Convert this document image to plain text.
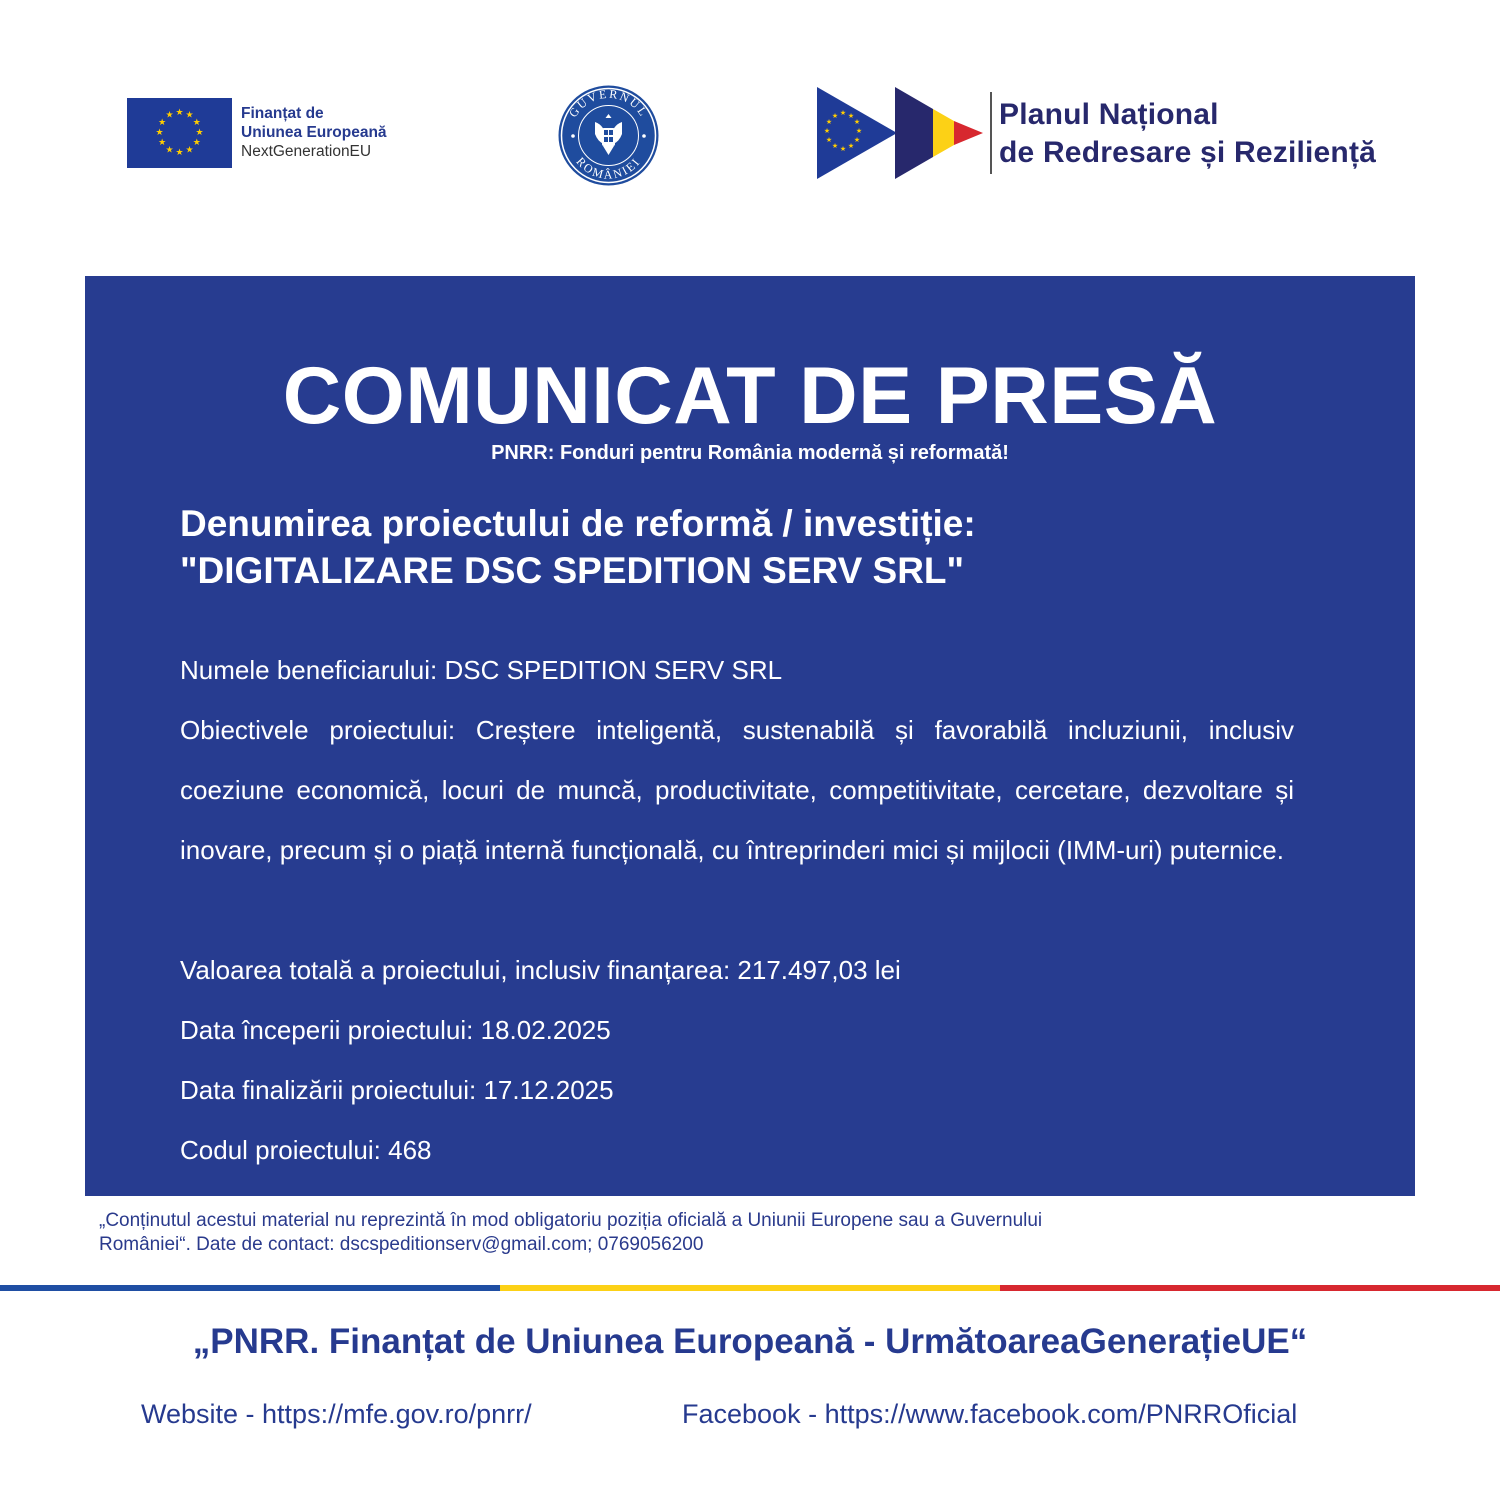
★ ★
★
★
★
★
★
★
★
★
★
★	Finanțat de
Uniunea Europeană
NextGenerationEU
GUVERNUL
ROMÂNIEI
★ ★
★
★
★
★
★
★
★
★
★
★	Planul Național
de Redresare și Reziliență
COMUNICAT DE PRESĂ
PNRR: Fonduri pentru România modernă și reformată!
Denumirea proiectului de reformă / investiție:
"DIGITALIZARE DSC SPEDITION SERV SRL"

Numele beneficiarului: DSC SPEDITION SERV SRL

Obiectivele proiectului: Creștere inteligentă, sustenabilă și favorabilă incluziunii, inclusiv coeziune economică, locuri de muncă, productivitate, competitivitate, cercetare, dezvoltare și inovare, precum și o piață internă funcțională, cu întreprinderi mici și mijlocii (IMM-uri) puternice.

Valoarea totală a proiectului, inclusiv finanțarea: 217.497,03 lei

Data începerii proiectului: 18.02.2025

Data finalizării proiectului: 17.12.2025

Codul proiectului: 468

„Conținutul acestui material nu reprezintă în mod obligatoriu poziția oficială a Uniunii Europene sau a Guvernului
României“. Date de contact: dscspeditionserv@gmail.com; 0769056200
„PNRR. Finanțat de Uniunea Europeană - UrmătoareaGenerațieUE“
Website - https://mfe.gov.ro/pnrr/	Facebook - https://www.facebook.com/PNRROficial
